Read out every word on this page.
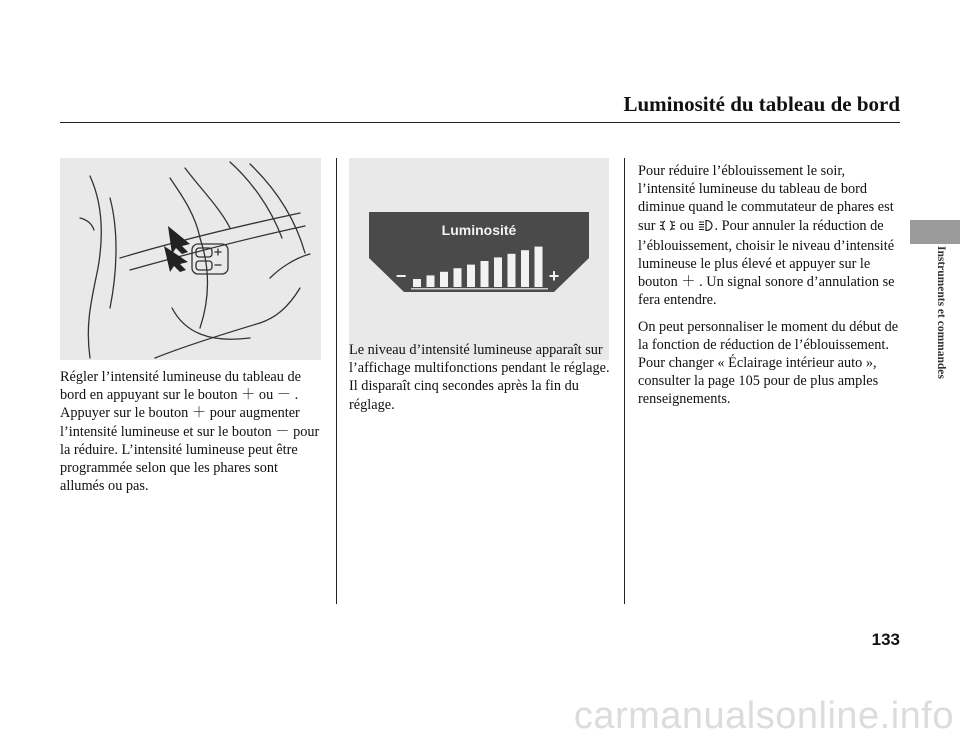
Luminosité du tableau de bord
Luminosité
−	+

Régler l’intensité lumineuse du tableau de bord en appuyant sur le bouton ＋ ou － . Appuyer sur le bouton ＋ pour augmenter l’intensité lumineuse et sur le bouton － pour la réduire. L’intensité lumineuse peut être programmée selon que les phares sont allumés ou pas.

Le niveau d’intensité lumineuse apparaît sur l’affichage multifonctions pendant le réglage. Il disparaît cinq secondes après la fin du réglage.

Pour réduire l’éblouissement le soir, l’intensité lumineuse du tableau de bord diminue quand le commutateur de phares est sur ou . Pour annuler la réduction de l’éblouissement, choisir le niveau d’intensité lumineuse le plus élevé et appuyer sur le bouton ＋ . Un signal sonore d’annulation se fera entendre.

On peut personnaliser le moment du début de la fonction de réduction de l’éblouissement. Pour changer « Éclairage intérieur auto », consulter la page 105 pour de plus amples renseignements.

Instruments et commandes
133
carmanualsonline.info
